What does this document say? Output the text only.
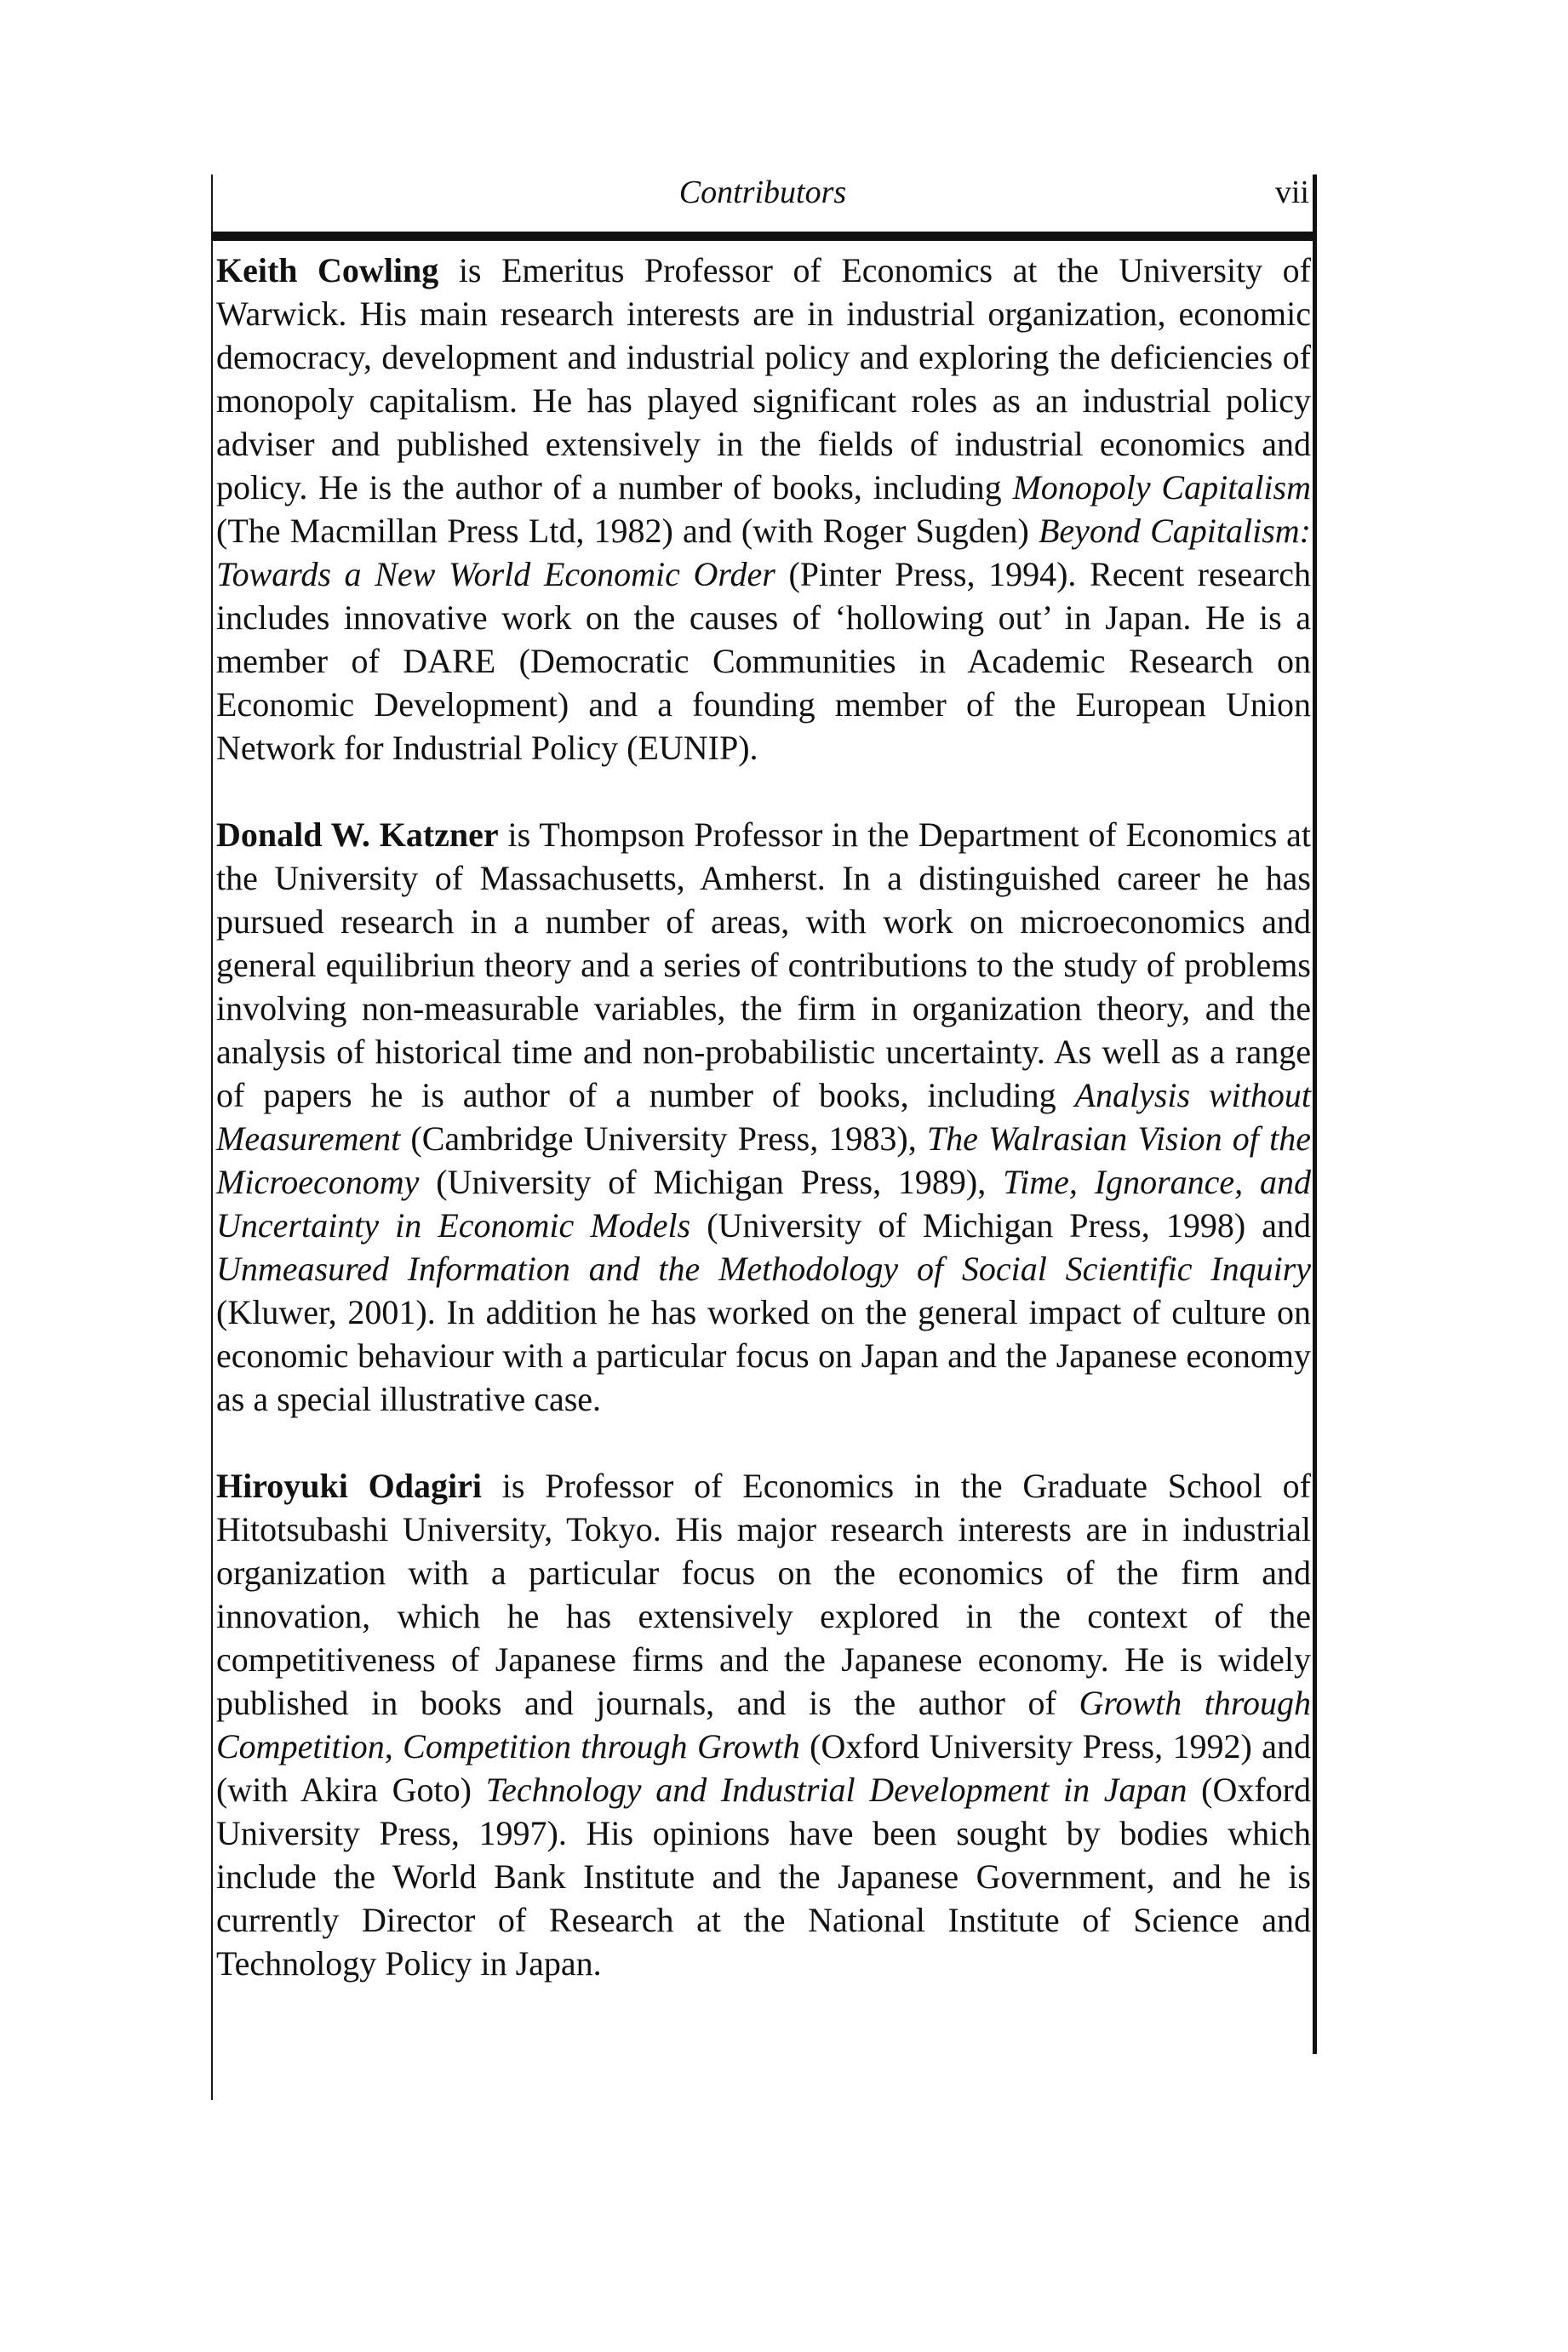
Contributors	vii

Keith Cowling is Emeritus Professor of Economics at the University of Warwick. His main research interests are in industrial organization, economic democracy, development and industrial policy and exploring the deficiencies of monopoly capitalism. He has played significant roles as an industrial policy adviser and published extensively in the fields of industrial economics and policy. He is the author of a number of books, including Monopoly Capitalism (The Macmillan Press Ltd, 1982) and (with Roger Sugden) Beyond Capitalism: Towards a New World Economic Order (Pinter Press, 1994). Recent research includes innovative work on the causes of ‘hollowing out’ in Japan. He is a member of DARE (Democratic Communities in Academic Research on Economic Development) and a founding member of the European Union Network for Industrial Policy (EUNIP).

Donald W. Katzner is Thompson Professor in the Department of Economics at the University of Massachusetts, Amherst. In a distinguished career he has pursued research in a number of areas, with work on microeconomics and general equilibriun theory and a series of contributions to the study of problems involving non-measurable variables, the firm in organization theory, and the analysis of historical time and non-probabilistic uncertainty. As well as a range of papers he is author of a number of books, including Analysis without Measurement (Cambridge University Press, 1983), The Walrasian Vision of the Microeconomy (University of Michigan Press, 1989), Time, Ignorance, and Uncertainty in Economic Models (University of Michigan Press, 1998) and Unmeasured Information and the Methodology of Social Scientific Inquiry (Kluwer, 2001). In addition he has worked on the general impact of culture on economic behaviour with a particular focus on Japan and the Japanese economy as a special illustrative case.

Hiroyuki Odagiri is Professor of Economics in the Graduate School of Hitotsubashi University, Tokyo. His major research interests are in industrial organization with a particular focus on the economics of the firm and innovation, which he has extensively explored in the context of the competitiveness of Japanese firms and the Japanese economy. He is widely published in books and journals, and is the author of Growth through Competition, Competition through Growth (Oxford University Press, 1992) and (with Akira Goto) Technology and Industrial Development in Japan (Oxford University Press, 1997). His opinions have been sought by bodies which include the World Bank Institute and the Japanese Government, and he is currently Director of Research at the National Institute of Science and Technology Policy in Japan.
